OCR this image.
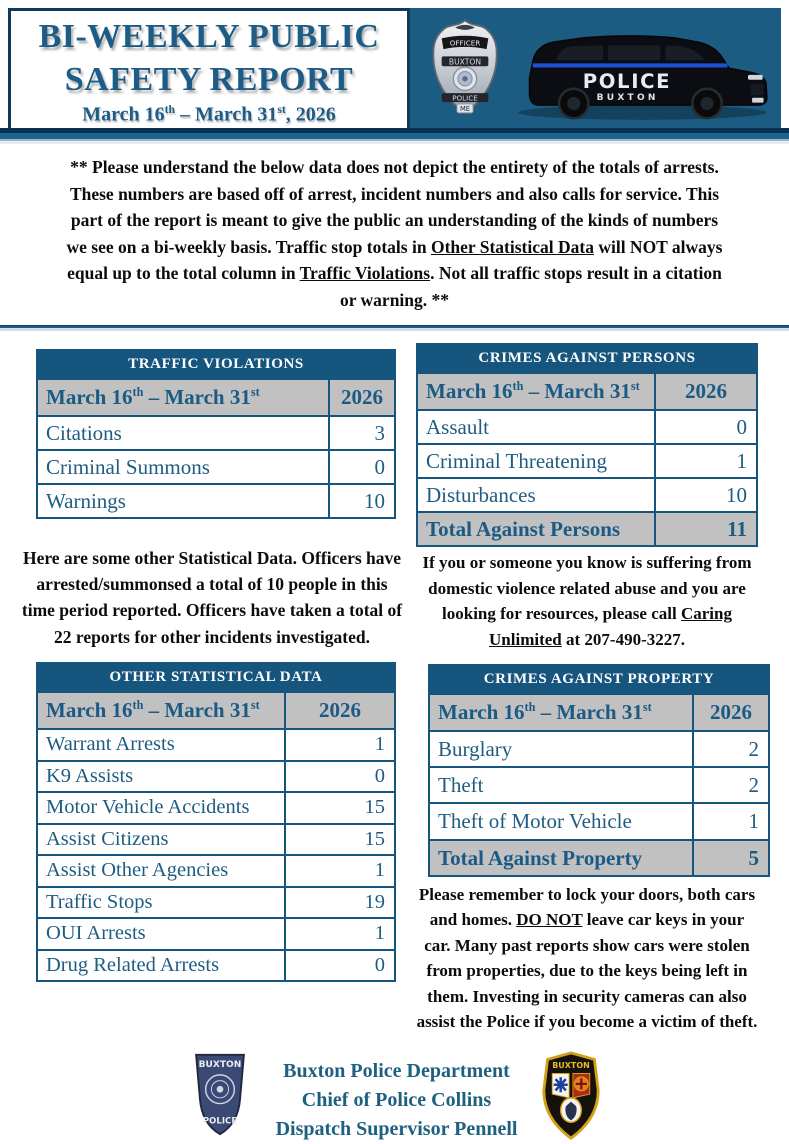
BI-WEEKLY PUBLIC
SAFETY REPORT
March 16th – March 31st, 2026
OFFICER
BUXTON
POLICE
ME
POLICE
BUXTON

** Please understand the below data does not depict the entirety of the totals of arrests. These numbers are based off of arrest, incident numbers and also calls for service. This part of the report is meant to give the public an understanding of the kinds of numbers we see on a bi-weekly basis. Traffic stop totals in Other Statistical Data will NOT always equal up to the total column in Traffic Violations. Not all traffic stops result in a citation or warning. **

TRAFFIC VIOLATIONS	
March 16th – March 31st	2026
Citations	3
Criminal Summons	0
Warnings	10

Here are some other Statistical Data. Officers have arrested/summonsed a total of 10 people in this time period reported. Officers have taken a total of 22 reports for other incidents investigated.

OTHER STATISTICAL DATA	
March 16th – March 31st	2026
Warrant Arrests	1
K9 Assists	0
Motor Vehicle Accidents	15
Assist Citizens	15
Assist Other Agencies	1
Traffic Stops	19
OUI Arrests	1
Drug Related Arrests	0
CRIMES AGAINST PERSONS	
March 16th – March 31st	2026
Assault	0
Criminal Threatening	1
Disturbances	10
Total Against Persons	11

If you or someone you know is suffering from domestic violence related abuse and you are looking for resources, please call Caring Unlimited at 207-490-3227.

CRIMES AGAINST PROPERTY	
March 16th – March 31st	2026
Burglary	2
Theft	2
Theft of Motor Vehicle	1
Total Against Property	5

Please remember to lock your doors, both cars and homes. DO NOT leave car keys in your car. Many past reports show cars were stolen from properties, due to the keys being left in them. Investing in security cameras can also assist the Police if you become a victim of theft.

BUXTON
POLICE
Buxton Police Department
Chief of Police Collins
Dispatch Supervisor Pennell
BUXTON
